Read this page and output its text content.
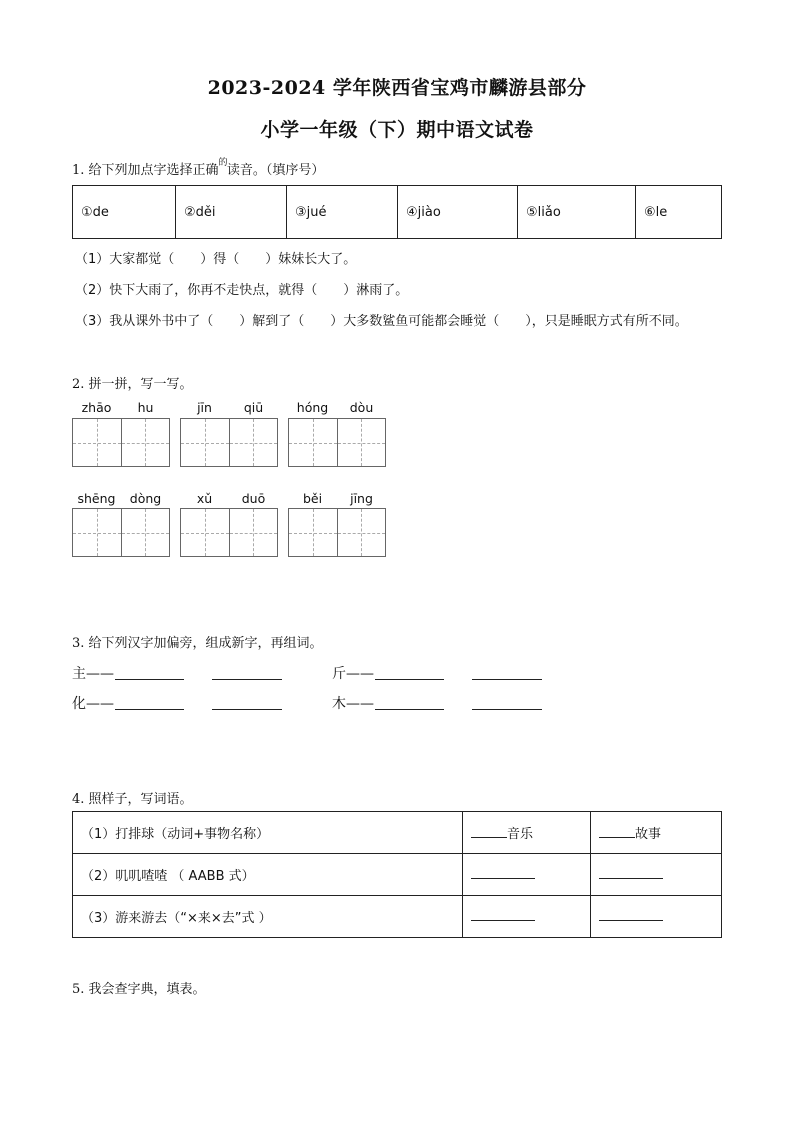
2023-2024 学年陕西省宝鸡市麟游县部分
小学一年级（下）期中语文试卷
1. 给下列加点字选择正确 的 读音。（填序号）
①de	②děi	③jué	④jiào	⑤liǎo	⑥le
（1）大家都觉（　　）得（　　）妹妹长大了。
（2）快下大雨了，你再不走快点，就得（　　）淋雨了。
（3）我从课外书中了（　　）解到了（　　）大多数鲨鱼可能都会睡觉（　　），只是睡眠方式有所不同。
2. 拼一拼，写一写。
zhāo	hu	jīn	qiū	hóng	dòu
shēng	dòng	xǔ	duō	běi	jīng
3. 给下列汉字加偏旁，组成新字，再组词。
主——	斤——
化——	木——
4. 照样子，写词语。
（1）打排球（动词+事物名称）	音乐	故事
（2）叽叽喳喳 （ AABB 式）		
（3）游来游去（“×来×去”式 ）		
5. 我会查字典，填表。
